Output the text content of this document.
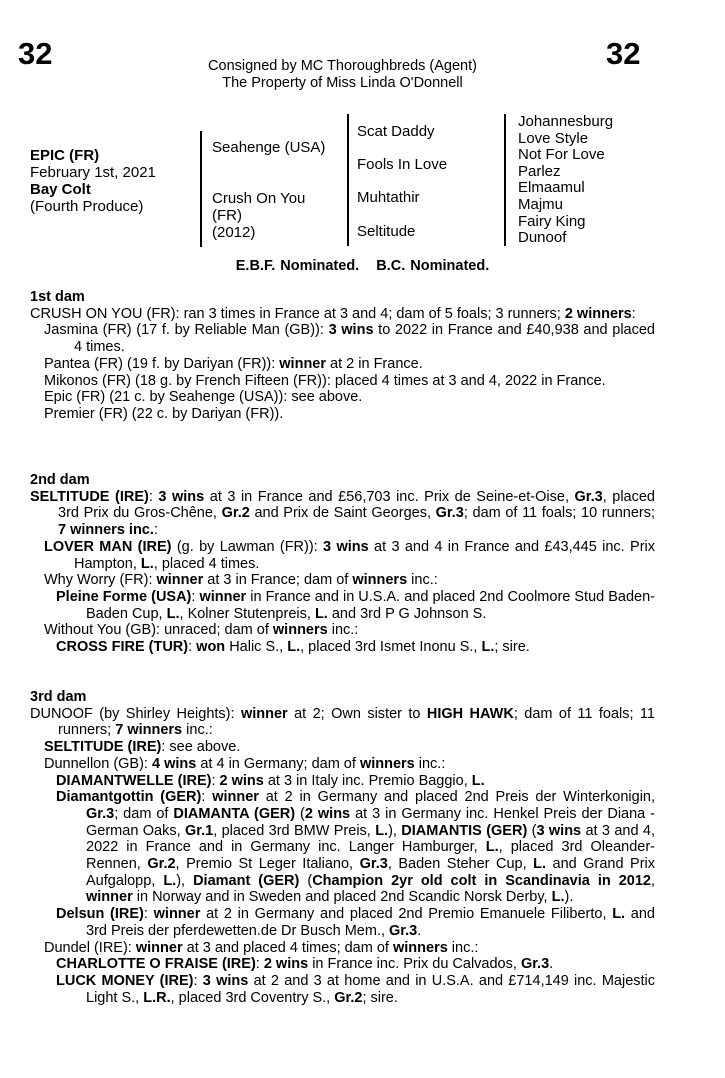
32	32
Consigned by MC Thoroughbreds (Agent)
The Property of Miss Linda O'Donnell
EPIC (FR)
February 1st, 2021
Bay Colt
(Fourth Produce)
Seahenge (USA)
Crush On You
(FR)
(2012)
Scat Daddy
Fools In Love
Muhtathir
Seltitude
Johannesburg
Love Style
Not For Love
Parlez
Elmaamul
Majmu
Fairy King
Dunoof
E.B.F. Nominated. B.C. Nominated.
1st dam
CRUSH ON YOU (FR): ran 3 times in France at 3 and 4; dam of 5 foals; 3 runners; 2 winners:
Jasmina (FR) (17 f. by Reliable Man (GB)): 3 wins to 2022 in France and £40,938 and placed 4 times.
Pantea (FR) (19 f. by Dariyan (FR)): winner at 2 in France.
Mikonos (FR) (18 g. by French Fifteen (FR)): placed 4 times at 3 and 4, 2022 in France.
Epic (FR) (21 c. by Seahenge (USA)): see above.
Premier (FR) (22 c. by Dariyan (FR)).
2nd dam
SELTITUDE (IRE): 3 wins at 3 in France and £56,703 inc. Prix de Seine-et-Oise, Gr.3, placed 3rd Prix du Gros-Chêne, Gr.2 and Prix de Saint Georges, Gr.3; dam of 11 foals; 10 runners; 7 winners inc.:
LOVER MAN (IRE) (g. by Lawman (FR)): 3 wins at 3 and 4 in France and £43,445 inc. Prix Hampton, L., placed 4 times.
Why Worry (FR): winner at 3 in France; dam of winners inc.:
Pleine Forme (USA): winner in France and in U.S.A. and placed 2nd Coolmore Stud Baden-Baden Cup, L., Kolner Stutenpreis, L. and 3rd P G Johnson S.
Without You (GB): unraced; dam of winners inc.:
CROSS FIRE (TUR): won Halic S., L., placed 3rd Ismet Inonu S., L.; sire.
3rd dam
DUNOOF (by Shirley Heights): winner at 2; Own sister to HIGH HAWK; dam of 11 foals; 11 runners; 7 winners inc.:
SELTITUDE (IRE): see above.
Dunnellon (GB): 4 wins at 4 in Germany; dam of winners inc.:
DIAMANTWELLE (IRE): 2 wins at 3 in Italy inc. Premio Baggio, L.
Diamantgottin (GER): winner at 2 in Germany and placed 2nd Preis der Winterkonigin, Gr.3; dam of DIAMANTA (GER) (2 wins at 3 in Germany inc. Henkel Preis der Diana - German Oaks, Gr.1, placed 3rd BMW Preis, L.), DIAMANTIS (GER) (3 wins at 3 and 4, 2022 in France and in Germany inc. Langer Hamburger, L., placed 3rd Oleander-Rennen, Gr.2, Premio St Leger Italiano, Gr.3, Baden Steher Cup, L. and Grand Prix Aufgalopp, L.), Diamant (GER) (Champion 2yr old colt in Scandinavia in 2012, winner in Norway and in Sweden and placed 2nd Scandic Norsk Derby, L.).
Delsun (IRE): winner at 2 in Germany and placed 2nd Premio Emanuele Filiberto, L. and 3rd Preis der pferdewetten.de Dr Busch Mem., Gr.3.
Dundel (IRE): winner at 3 and placed 4 times; dam of winners inc.:
CHARLOTTE O FRAISE (IRE): 2 wins in France inc. Prix du Calvados, Gr.3.
LUCK MONEY (IRE): 3 wins at 2 and 3 at home and in U.S.A. and £714,149 inc. Majestic Light S., L.R., placed 3rd Coventry S., Gr.2; sire.
